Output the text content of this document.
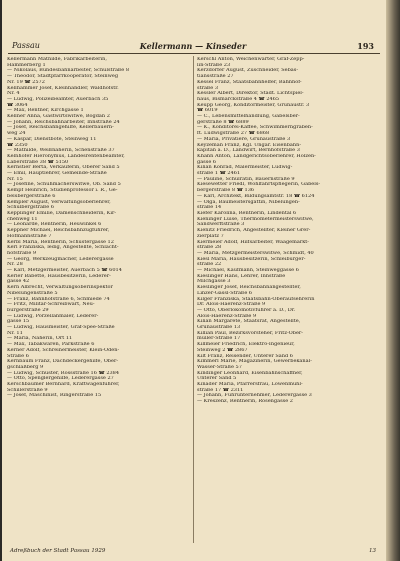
Passau	Kellermann — Kinseder	193
Kellermann Mathilde, Fabrikarbeiterin,
Hammerberg 1
— Nikolaus, Bundesbahnarbeiter, Schulstraße 8
— Theodor, Stadtpfarrkooperator, Steinweg
Nr. 19 ☎ 2572
Kellhammer Josef, Kleinhändler, Waldhofstr.
Nr. 4
— Ludwig, Polizeibeamter, Auerbach 35
☎ 3064
— Max, Rentner, Kirchgasse 1
Kellner Anna, Gastwirtswitwe, Bogdan 2
— Johann, Reichsbahnarbeiter, Innstraße 24
— Josef, Reichsbahngehilfe, Kellerbauern-
weg 24
— Kaspar, Dienstbote, Steinweg 11
☎ 2350
— Mathilde, Weißnäherin, Schenstraße 37
Kelnhofer Hieronymus, Landesrentenbeamter,
Laberstraße 38 ☎ 5150
Kernstier Berta, Verkäuferin, Oberer Sand 5
— Emil, Hauptlehrer, Gemeinde-Straße
Nr. 15
— Josefine, Schuhmacherswitwe, Ob. Sand 5
Kempf Heinrich, Studienprofessor i. R., Ge-
belsbergerstraße 6
Kempler August, Verwaltungsoberlehrer,
Schulbergstraße 6
Kepplinger Emilie, Damenschneiderin, Kir-
chenweg 11
— Leonarde, Rentnerin, Heuwinkel 6
Keppner Michael, Reichsbahnzugführer,
Hofmannstraße 7
Kerbl Maria, Rentnerin, Schustergasse 12
Kerl Franziska, ledig, Angestellte, Schlacht-
hofstraße 9
— Georg, Werkzeugmacher, Lederergasse
Nr. 28
— Karl, Metzgermeister, Auerbach 5 ☎ 6014
Kerler Babette, Hausbesitzerin, Lederer-
gasse 42
Kern Albrecht, Verwaltungsoberinspektor
Nibelungenstraße 5
— Franz, Bahnhofstraße 6, Schmiede 74
— Fritz, Militär-Schreibwart, Neu-
burgerstraße 29
— Ludwig, Porzellanmaler, Lederer-
gasse 15
— Ludwig, Hausmeister, Graf-Spee-Straße
Nr. 11
— Maria, Näherin, Ort 11
— Max, Tabakwaren, Parkstraße 6
Kerner Adolf, Schreinermeister, Klein-Öden-
Straße 6
Kernbaum Franz, Dachdeckergehilfe, Ober-
gschlaßberg 9
— Ludwig, Schuster, Rossstraße 16 ☎ 2384
— Otto, Spenglergehilfe, Lederergasse 27
Kerschbaumer Bernhard, Kraftwagenführer,
Schillerstraße 9
— Josef, Maschinist, Ringerstraße 15
Kerschl Anton, Weichenwärter, Graf-Zepp-
lin-Straße 23
Kerzdörfer August, Zuschneider, Sebas-
tiansstraße 27
Kessel Franz, Staatsbahnhelfer, Bahnhof-
straße 3
Kessler Albert, Direktor, Städt. Lichtspiel-
haus, Bismarckstraße 4 ☎ 2465
Keupp Georg, Konditormeister, Grünaustr. 3
☎ 6019
— C., Lebensmittelhandlung, Gabelsber-
gerstraße 8 ☎ 6889
— K., Konditorei-Kaffee, Schwimmerngraben-
ft. Ludwigstraße 27 ☎ 6868
— Maria, Privatiere, Grünaustraße 3
Keyzeman Franz, Kgl. Ungar. Eisenbahn-
kapitän a. D., Landwirt, Bernhofstraße 3
Khann Anton, Landgerichtsoberlehrer, Hölzen-
gasse 6
Kilian Konrad, Malermeister, Ludwig-
straße 1 ☎ 2461
— Pauline, Schulrätin, Bauernstraße 9
Kiesewetter Friedl, Wohlfahrtspflegerin, Gabels-
bergerstraße 8 ☎ 136
— Karl, Architekt, Bildungsamtstr. 18 ☎ 6124
— Olga, Baumeistersgattin, Nibelungen-
straße 14
Kiefer Karolina, Rentnerin, Lindental 6
Kieninger Luise, Thermometermeisterswitwe,
Sandwerftstraße 3
Kienitz Friedrich, Angestellter, Kleiner Grer-
zierplatz 7
Kiermeier Adolf, Hilfsarbeiter, Waagemarkt-
straße 28
— Maria, Metzgermeisterswitwe, Schmidt, 40
Kiesl Maria, Hausbesitzerin, Schleiburger-
straße 22
— Michael, Kaufmann, Steinweggasse 6
Kieslinger Hans, Lehrer, Innstraße
Milchgasse 3
Kieslinger Josef, Reichsbahnangestellter,
Linzer-Gassl-Straße 6
Kilger Franziska, Staatsbahn-Oberaufsehrerin
Dr. Alois-Haerenz-Straße 9
— Otto, Oberlokomotivführer a. D., Dr.
Alois-Haerenz-Straße 9
Kilian Margarete, Staatsrat, Angestellte,
Grünaustraße 13
Killian Paul, Bezirksvorsteher, Fritz-Ober-
müller-Straße 17
Killmeier Friedrich, Elektro-Ingenieur,
Steinweg 2 ☎ 2867
Kilt Franz, Reisender, Unterer Sand 6
Kimmerl Marie, Magazinerin, Gewerbekanal-
Wasser-Straße 57
Kindinger Leonhard, Eisenbahnschaffner,
Unterer Sand 5
Kinader Maria, Pfarrersfrau, Löwenmühl-
straße 17 ☎ 2311
— Johann, Fuhrunternehmer, Lederergasse 3
— Kreszenz, Rentnerin, Rosengasse 2
Adreßbuch der Stadt Passau 1929	13
